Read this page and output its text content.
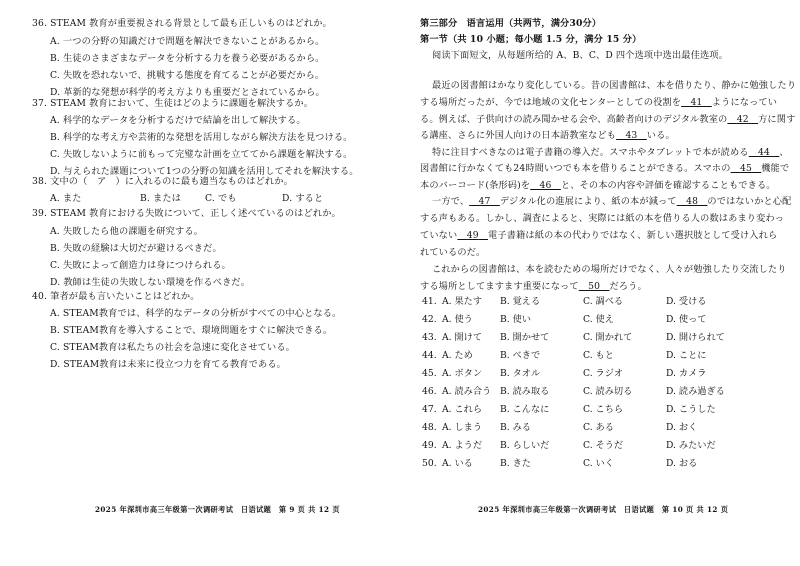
36. STEAM 教育が重要視される背景として最も正しいものはどれか。
A. 一つの分野の知識だけで問題を解決できないことがあるから。
B. 生徒のさまざまなデータを分析する力を養う必要があるから。
C. 失敗を恐れないで、挑戦する態度を育てることが必要だから。
D. 革新的な発想が科学的考え方よりも重要だとされているから。
37. STEAM 教育において、生徒はどのように課題を解決するか。
A. 科学的なデータを分析するだけで結論を出して解決する。
B. 科学的な考え方や芸術的な発想を活用しながら解決方法を見つける。
C. 失敗しないように前もって完璧な計画を立ててから課題を解決する。
D. 与えられた課題について1つの分野の知識を活用してそれを解決する。
38. 文中の（　ア　）に入れるのに最も適当なものはどれか。
A. また	B. または	C. でも	D. すると
39. STEAM 教育における失敗について、正しく述べているのはどれか。
A. 失敗したら他の課題を研究する。
B. 失敗の経験は大切だが避けるべきだ。
C. 失敗によって創造力は身につけられる。
D. 教師は生徒の失敗しない環境を作るべきだ。
40. 筆者が最も言いたいことはどれか。
A. STEAM教育では、科学的なデータの分析がすべての中心となる。
B. STEAM教育を導入することで、環境問題をすぐに解決できる。
C. STEAM教育は私たちの社会を急速に変化させている。
D. STEAM教育は未来に役立つ力を育てる教育である。
2025 年深圳市高三年级第一次调研考试　日语试题　第 9 页 共 12 页
第三部分　语言运用（共两节，满分30分）
第一节（共 10 小题；每小题 1.5 分，满分 15 分）
阅读下面短文，从每题所给的 A、B、C、D 四个选项中选出最佳选项。
最近の図書館はかなり変化している。昔の図書館は、本を借りたり、静かに勉強したり
する場所だったが、今では地域の文化センターとしての役割を  41  ようになってい
る。例えば、子供向けの読み聞かせる会や、高齢者向けのデジタル教室の  42  方に関す
る講座、さらに外国人向けの日本語教室なども  43  いる。
特に注目すべきなのは電子書籍の導入だ。スマホやタブレットで本が読める  44  、
図書館に行かなくても24時間いつでも本を借りることができる。スマホの  45  機能で
本のバーコード(条形码)を  46  と、その本の内容や評価を確認することもできる。
一方で、  47  デジタル化の進展により、紙の本が減って  48  のではないかと心配
する声もある。しかし、調査によると、実際には紙の本を借りる人の数はあまり変わっ
ていない  49  電子書籍は紙の本の代わりではなく、新しい選択肢として受け入れら
れているのだ。
これからの図書館は、本を読むための場所だけでなく、人々が勉強したり交流したり
する場所としてますます重要になって  50  だろう。
41. A. 果たす B. 覚える	C. 調べる	D. 受ける
42. A. 使う	B. 使い	C. 使え	D. 使って
43. A. 開けて B. 開かせて	C. 開かれて	D. 開けられて
44. A. ため	B. べきで	C. もと	D. ことに
45. A. ボタン B. タオル	C. ラジオ	D. カメラ
46. A. 読み合う B. 読み取る	C. 読み切る	D. 読み過ぎる
47. A. これら B. こんなに	C. こちら	D. こうした
48. A. しまう B. みる	C. ある	D. おく
49. A. ようだ B. らしいだ	C. そうだ	D. みたいだ
50. A. いる	B. きた	C. いく	D. おる
2025 年深圳市高三年级第一次调研考试　日语试题　第 10 页 共 12 页
